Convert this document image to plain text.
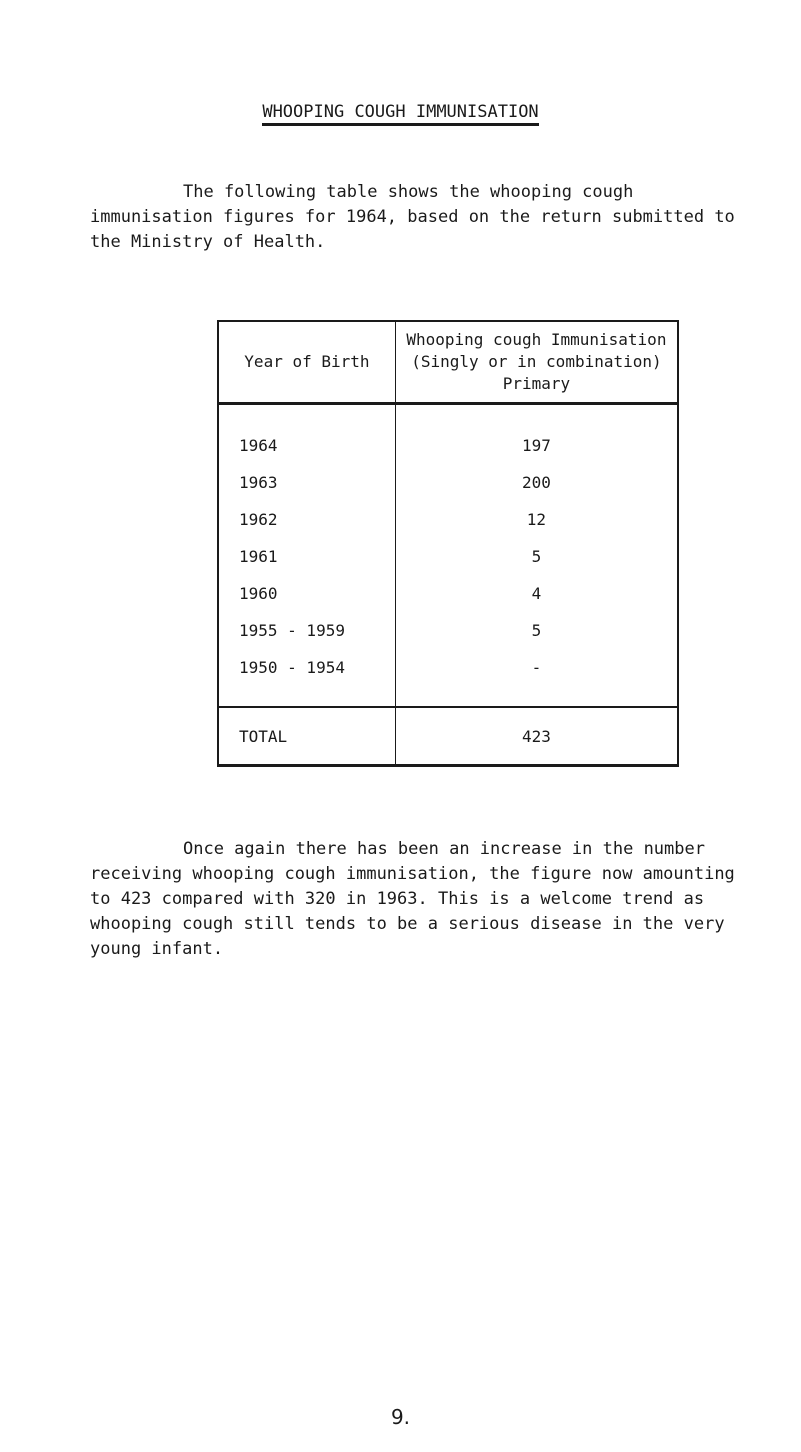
WHOOPING COUGH IMMUNISATION

The following table shows the whooping cough immunisation figures for 1964, based on the return submitted to the Ministry of Health.

Year of Birth	Whooping cough Immunisation
(Singly or in combination)
Primary

1964	197
1963	200
1962	12
1961	5
1960	4
1955 - 1959	5
1950 - 1954	-
TOTAL	423

Once again there has been an increase in the number receiving whooping cough immunisation, the figure now amounting to 423 compared with 320 in 1963. This is a welcome trend as whooping cough still tends to be a serious disease in the very young infant.

9.
